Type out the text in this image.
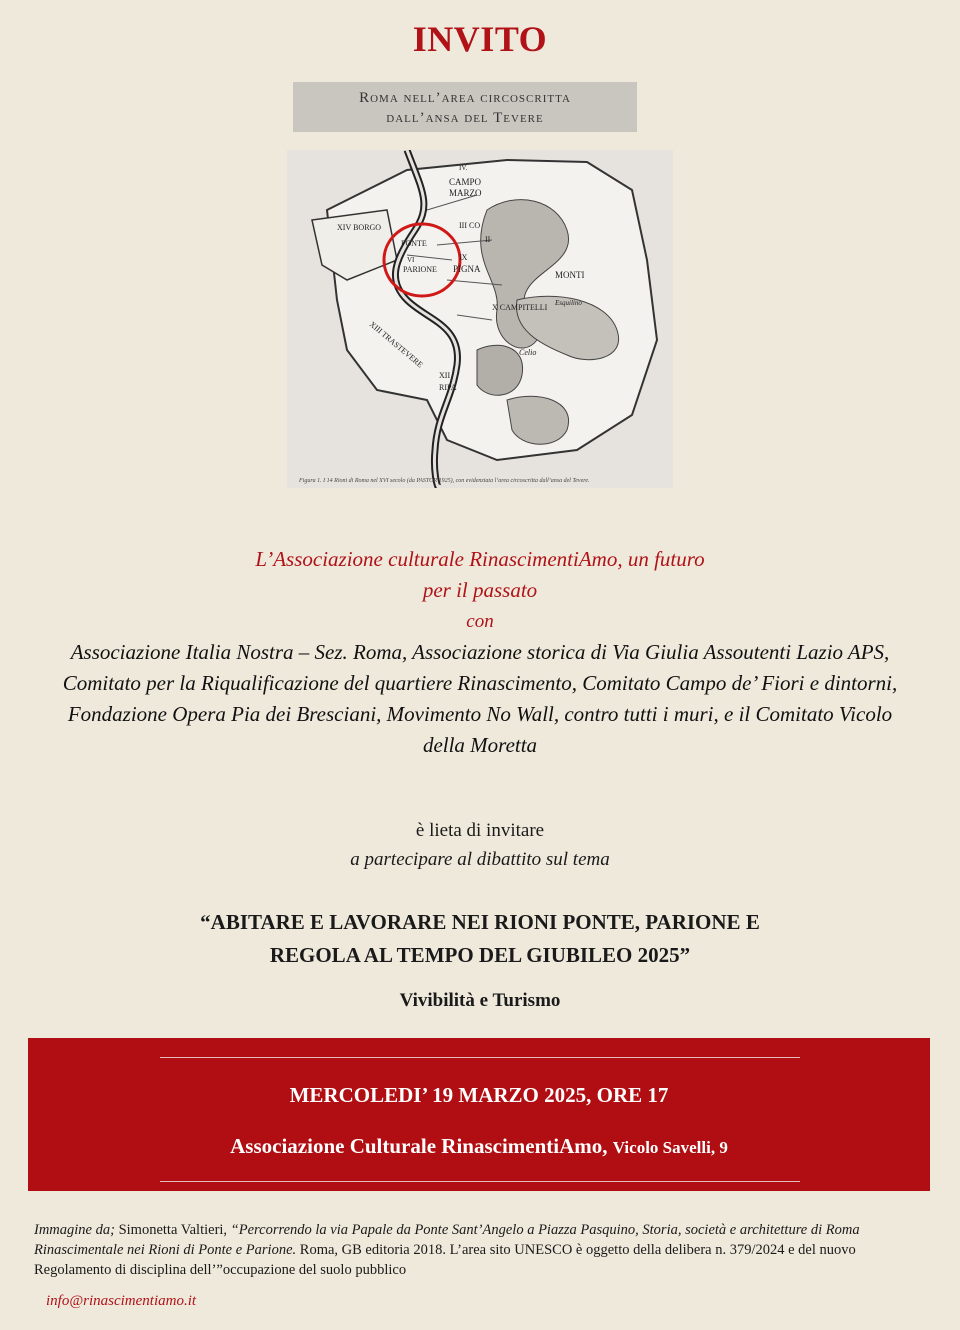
INVITO
Roma nell’area circoscritta
dall’ansa del Tevere
IV.
CAMPO
MARZO
XIV BORGO
PONTE
VI
PARIONE
III CO
II
IX
PIGNA
MONTI
X CAMPITELLI
XIII TRASTEVERE
XII
RIPA
Celio
Esquilino
Figura 1. I 14 Rioni di Roma nel XVI secolo (da PASTOR 1925), con evidenziata l’area circoscritta dall’ansa del Tevere.
L’Associazione culturale RinascimentiAmo, un futuro
per il passato
con
Associazione Italia Nostra – Sez. Roma, Associazione storica di Via Giulia Assoutenti Lazio APS, Comitato per la Riqualificazione del quartiere Rinascimento, Comitato Campo de’ Fiori e dintorni, Fondazione Opera Pia dei Bresciani, Movimento No Wall, contro tutti i muri, e il Comitato Vicolo della Moretta
è lieta di invitare
a partecipare al dibattito sul tema
“ABITARE E LAVORARE NEI RIONI PONTE, PARIONE E
REGOLA AL TEMPO DEL GIUBILEO 2025”
Vivibilità e Turismo
MERCOLEDI’ 19 MARZO 2025, ORE 17
Associazione Culturale RinascimentiAmo, Vicolo Savelli, 9
Immagine da; Simonetta Valtieri, “Percorrendo la via Papale da Ponte Sant’Angelo a Piazza Pasquino, Storia, società e architetture di Roma Rinascimentale nei Rioni di Ponte e Parione. Roma, GB editoria 2018. L’area sito UNESCO è oggetto della delibera n. 379/2024 e del nuovo Regolamento di disciplina dell’”occupazione del suolo pubblico
info@rinascimentiamo.it
